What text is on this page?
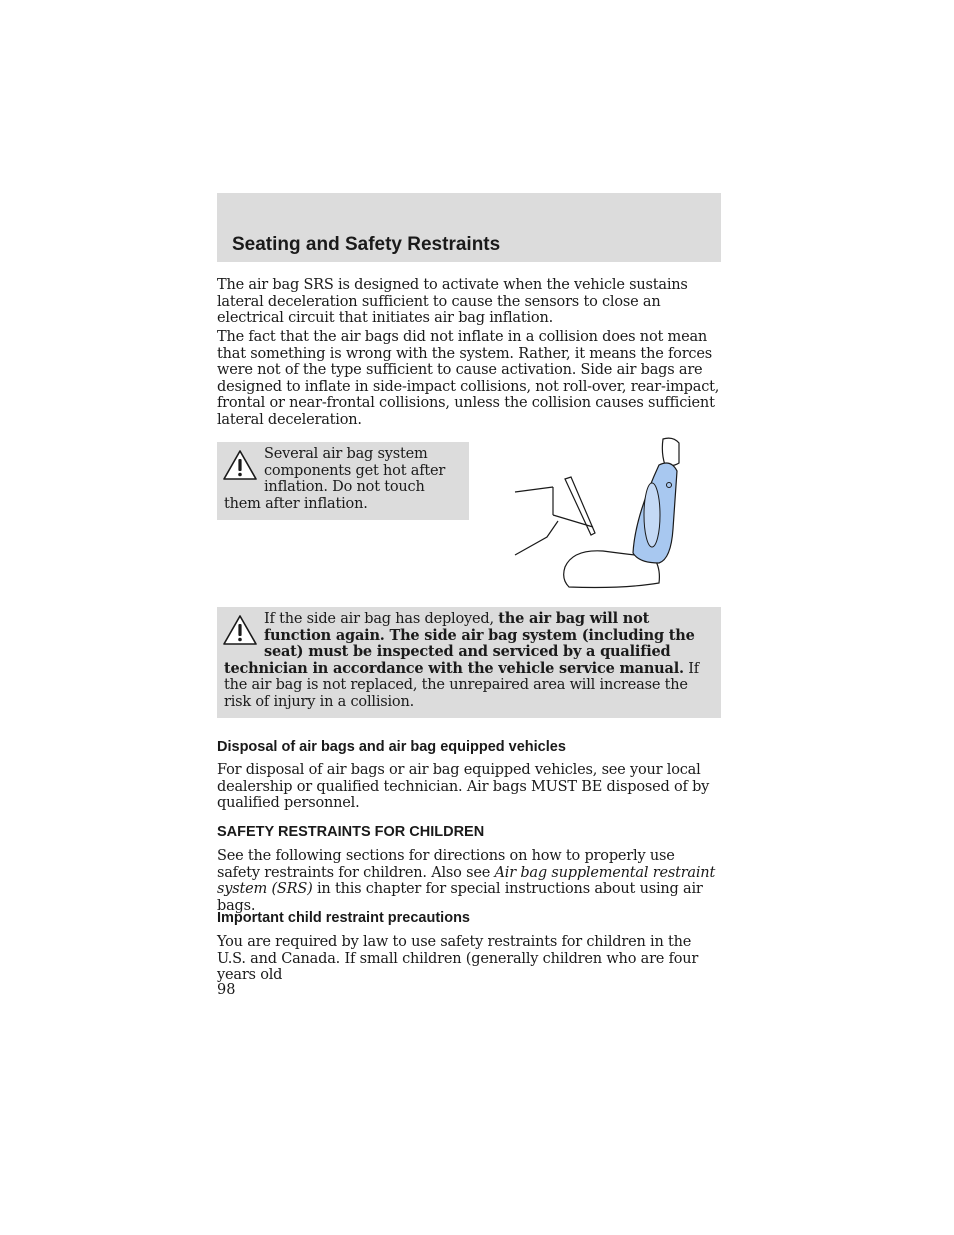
Seating and Safety Restraints

The air bag SRS is designed to activate when the vehicle sustains lateral deceleration sufficient to cause the sensors to close an electrical circuit that initiates air bag inflation.

The fact that the air bags did not inflate in a collision does not mean that something is wrong with the system. Rather, it means the forces were not of the type sufficient to cause activation. Side air bags are designed to inflate in side-impact collisions, not roll-over, rear-impact, frontal or near-frontal collisions, unless the collision causes sufficient lateral deceleration.

Several air bag system components get hot after inflation. Do not touch them after inflation.

If the side air bag has deployed, the air bag will not function again. The side air bag system (including the seat) must be inspected and serviced by a qualified technician in accordance with the vehicle service manual. If the air bag is not replaced, the unrepaired area will increase the risk of injury in a collision.

Disposal of air bags and air bag equipped vehicles

For disposal of air bags or air bag equipped vehicles, see your local dealership or qualified technician. Air bags MUST BE disposed of by qualified personnel.

SAFETY RESTRAINTS FOR CHILDREN

See the following sections for directions on how to properly use safety restraints for children. Also see Air bag supplemental restraint system (SRS) in this chapter for special instructions about using air bags.

Important child restraint precautions

You are required by law to use safety restraints for children in the U.S. and Canada. If small children (generally children who are four years old

98
